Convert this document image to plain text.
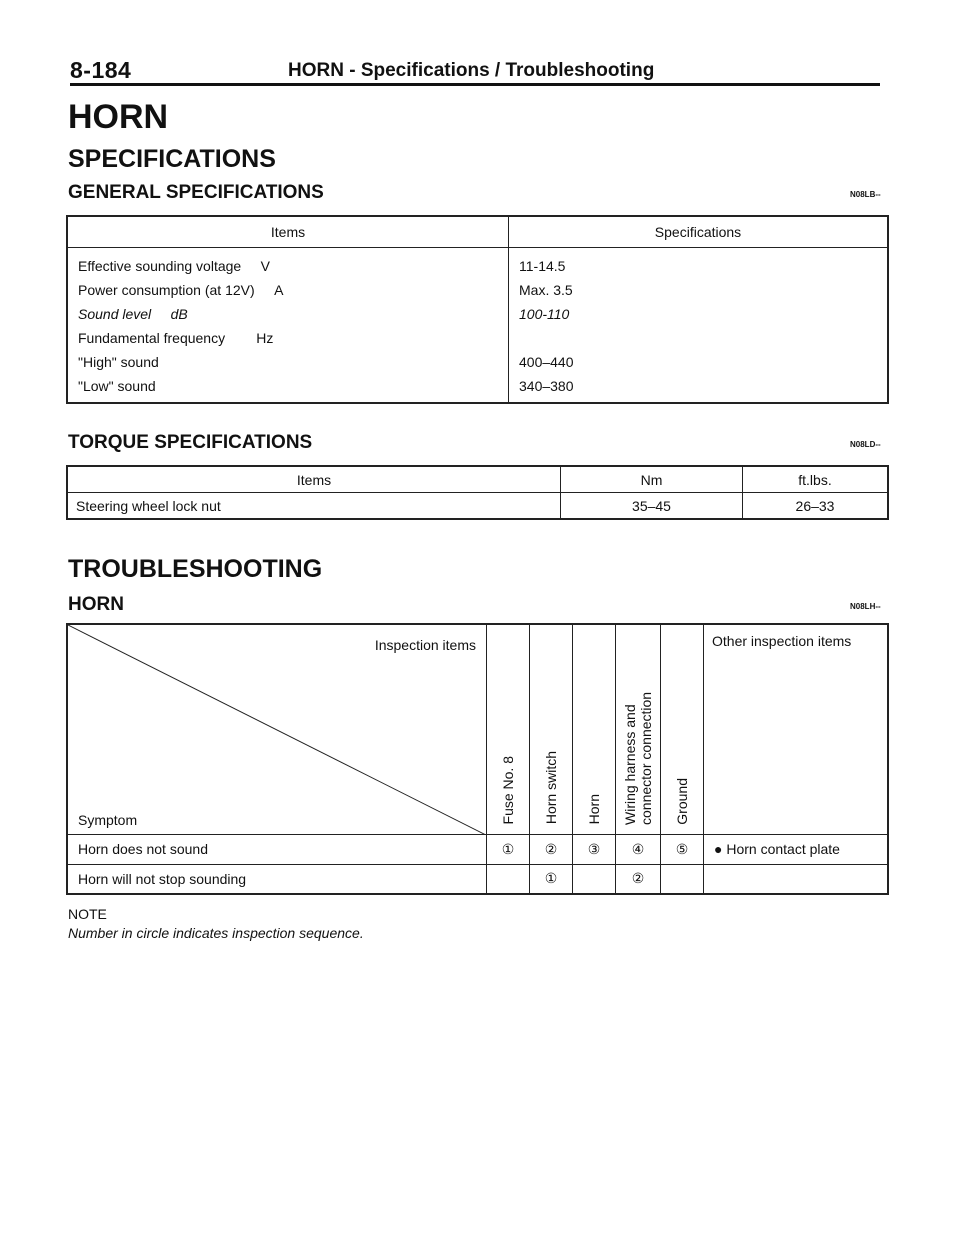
8-184	HORN - Specifications / Troubleshooting
HORN
SPECIFICATIONS
GENERAL SPECIFICATIONS	N08LB--
Items	Specifications
Effective sounding voltage V	11-14.5
Power consumption (at 12V) A	Max. 3.5
Sound level dB	100-110
Fundamental frequency Hz	
"High" sound	400–440
"Low" sound	340–380
TORQUE SPECIFICATIONS	N08LD--
Items	Nm	ft.lbs.
Steering wheel lock nut	35–45	26–33
TROUBLESHOOTING
HORN	N08LH--
Inspection items
Symptom	Fuse No. 8	Horn switch	Horn	Wiring harness and connector connection	Ground	Other inspection items
Horn does not sound	①	②	③	④	⑤	● Horn contact plate
Horn will not stop sounding		①		②		
NOTE
Number in circle indicates inspection sequence.
